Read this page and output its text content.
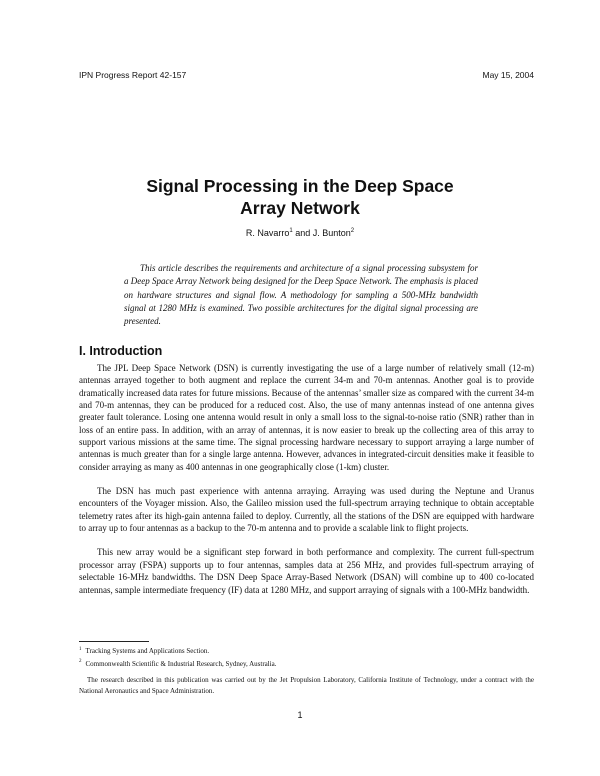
IPN Progress Report 42-157	May 15, 2004
Signal Processing in the Deep Space
Array Network
R. Navarro$^1$ and J. Bunton$^2$

This article describes the requirements and architecture of a signal processing subsystem for a Deep Space Array Network being designed for the Deep Space Network. The emphasis is placed on hardware structures and signal flow. A methodology for sampling a 500-MHz bandwidth signal at 1280 MHz is examined. Two possible architectures for the digital signal processing are presented.

I. Introduction

The JPL Deep Space Network (DSN) is currently investigating the use of a large number of relatively small (12-m) antennas arrayed together to both augment and replace the current 34-m and 70-m antennas. Another goal is to provide dramatically increased data rates for future missions. Because of the antennas’ smaller size as compared with the current 34-m and 70-m antennas, they can be produced for a reduced cost. Also, the use of many antennas instead of one antenna gives greater fault tolerance. Losing one antenna would result in only a small loss to the signal-to-noise ratio (SNR) rather than in loss of an entire pass. In addition, with an array of antennas, it is now easier to break up the collecting area of this array to support various missions at the same time. The signal processing hardware necessary to support arraying a large number of antennas is much greater than for a single large antenna. However, advances in integrated-circuit densities make it feasible to consider arraying as many as 400 antennas in one geographically close (1-km) cluster.

The DSN has much past experience with antenna arraying. Arraying was used during the Neptune and Uranus encounters of the Voyager mission. Also, the Galileo mission used the full-spectrum arraying technique to obtain acceptable telemetry rates after its high-gain antenna failed to deploy. Currently, all the stations of the DSN are equipped with hardware to array up to four antennas as a backup to the 70-m antenna and to provide a scalable link to flight projects.

This new array would be a significant step forward in both performance and complexity. The current full-spectrum processor array (FSPA) supports up to four antennas, samples data at 256 MHz, and provides full-spectrum arraying of selectable 16-MHz bandwidths. The DSN Deep Space Array-Based Network (DSAN) will combine up to 400 co-located antennas, sample intermediate frequency (IF) data at 1280 MHz, and support arraying of signals with a 100-MHz bandwidth.

$^1$ Tracking Systems and Applications Section.
$^2$ Commonwealth Scientific & Industrial Research, Sydney, Australia.

The research described in this publication was carried out by the Jet Propulsion Laboratory, California Institute of Technology, under a contract with the National Aeronautics and Space Administration.

1
